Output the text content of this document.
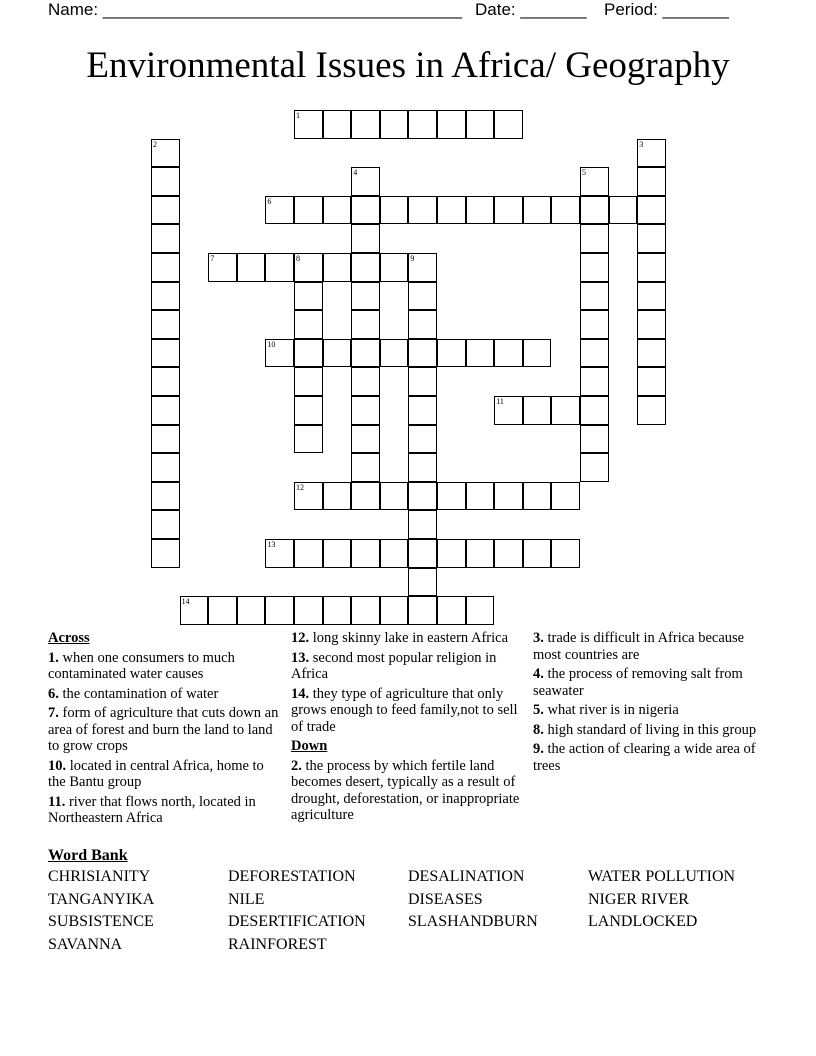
Name: ______________________________________ Date: _______ Period: _______
Environmental Issues in Africa/ Geography
1
2	3
4	5
6
7	8	9
10
11
12
13
14
Across
1. when one consumers to much contaminated water causes
6. the contamination of water
7. form of agriculture that cuts down an area of forest and burn the land to land to grow crops
10. located in central Africa, home to the Bantu group
11. river that flows north, located in Northeastern Africa
12. long skinny lake in eastern Africa
13. second most popular religion in Africa
14. they type of agriculture that only grows enough to feed family,not to sell of trade
Down
2. the process by which fertile land becomes desert, typically as a result of drought, deforestation, or inappropriate agriculture
3. trade is difficult in Africa because most countries are
4. the process of removing salt from seawater
5. what river is in nigeria
8. high standard of living in this group
9. the action of clearing a wide area of trees
Word Bank
CHRISIANITY	DEFORESTATION	DESALINATION	WATER POLLUTION
TANGANYIKA	NILE	DISEASES	NIGER RIVER
SUBSISTENCE	DESERTIFICATION	SLASHANDBURN	LANDLOCKED
SAVANNA	RAINFOREST
